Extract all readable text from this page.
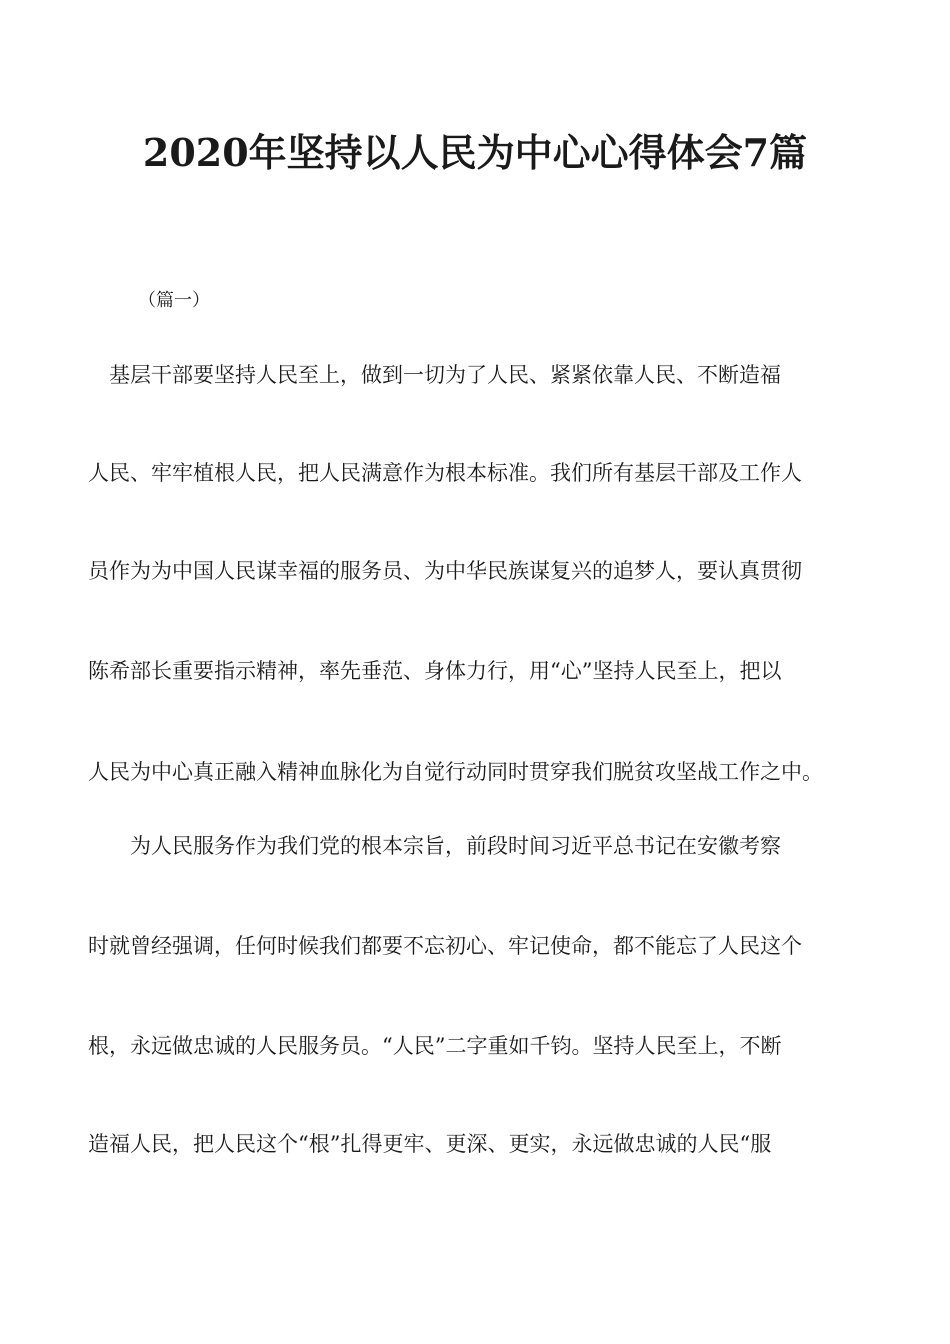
2020年坚持以人民为中心心得体会7篇
（篇一）
　基层干部要坚持人民至上，做到一切为了人民、紧紧依靠人民、不断造福
人民、牢牢植根人民，把人民满意作为根本标准。我们所有基层干部及工作人
员作为为中国人民谋幸福的服务员、为中华民族谋复兴的追梦人，要认真贯彻
陈希部长重要指示精神，率先垂范、身体力行，用“心”坚持人民至上，把以
人民为中心真正融入精神血脉化为自觉行动同时贯穿我们脱贫攻坚战工作之中。
　　为人民服务作为我们党的根本宗旨，前段时间习近平总书记在安徽考察
时就曾经强调，任何时候我们都要不忘初心、牢记使命，都不能忘了人民这个
根，永远做忠诚的人民服务员。“人民”二字重如千钧。坚持人民至上，不断
造福人民，把人民这个“根”扎得更牢、更深、更实，永远做忠诚的人民“服
